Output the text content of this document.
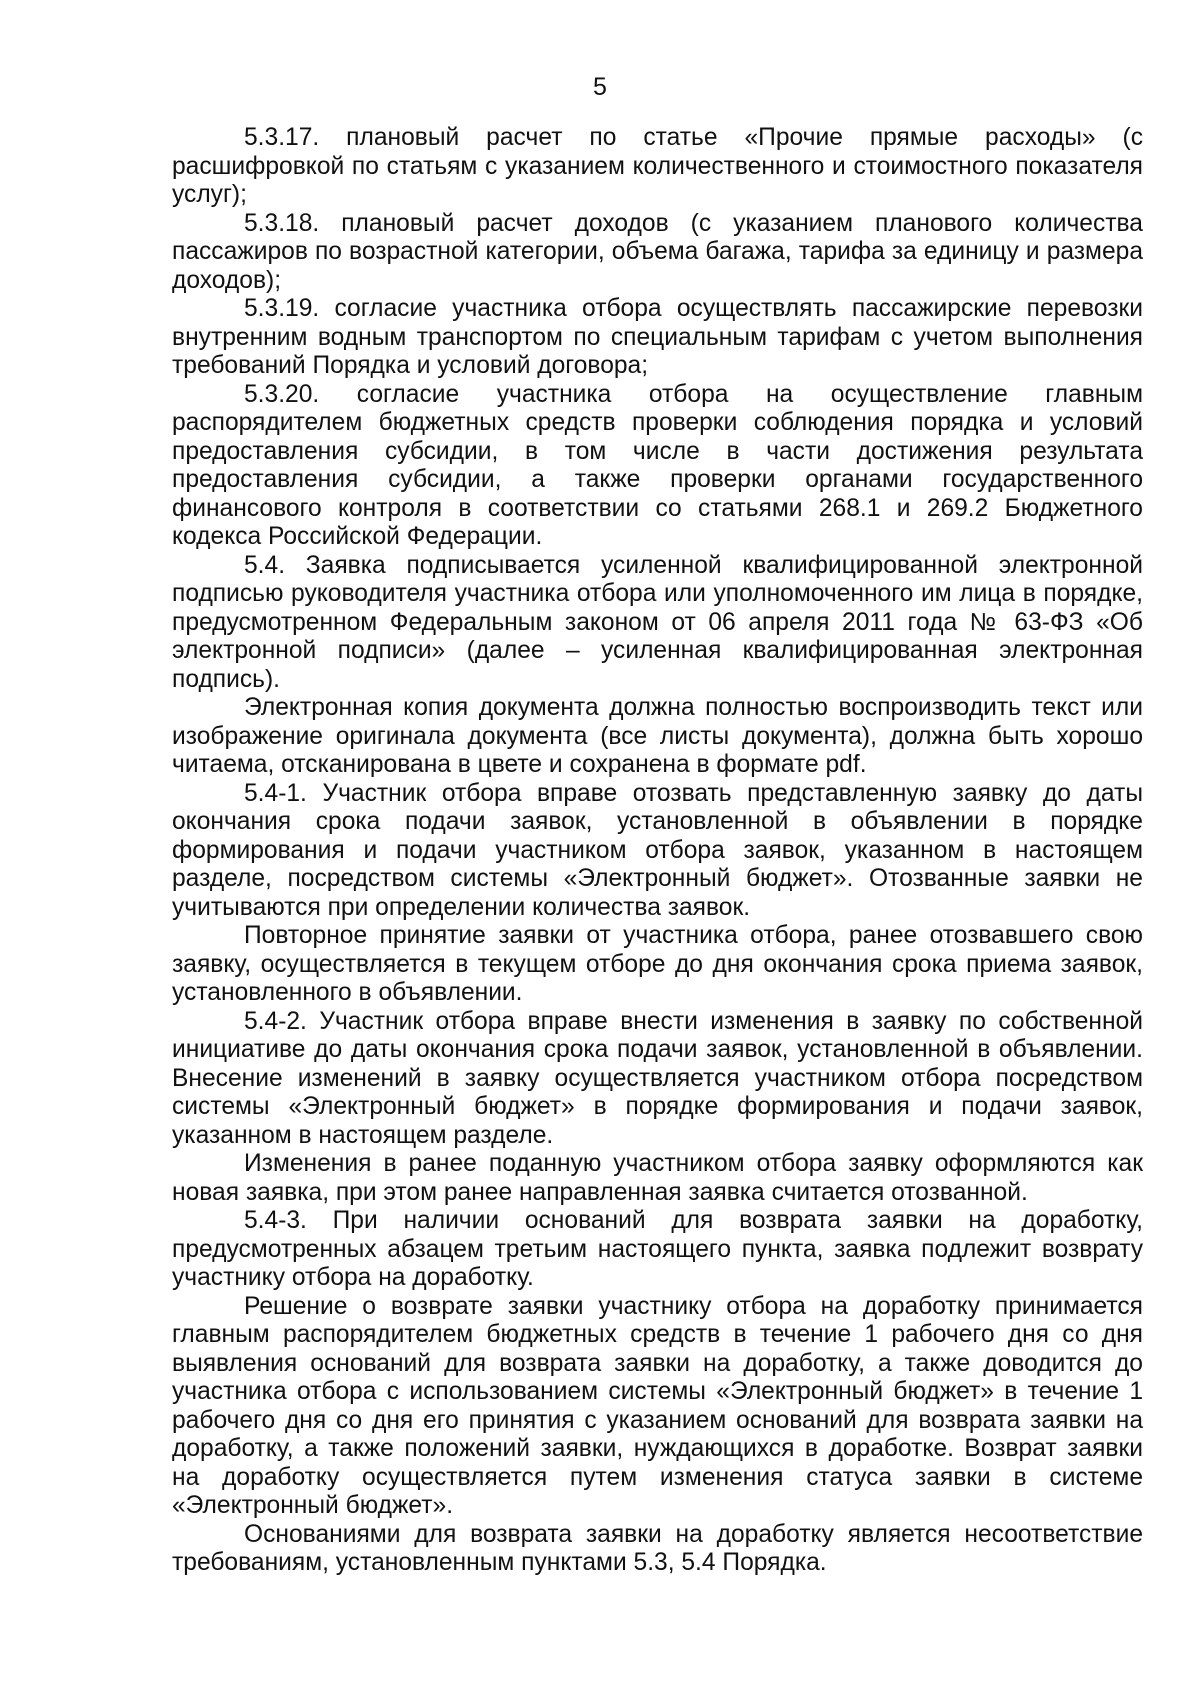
5

5.3.17. плановый расчет по статье «Прочие прямые расходы» (с расшифровкой по статьям с указанием количественного и стоимостного показателя услуг);

5.3.18. плановый расчет доходов (с указанием планового количества пассажиров по возрастной категории, объема багажа, тарифа за единицу и размера доходов);

5.3.19. согласие участника отбора осуществлять пассажирские перевозки внутренним водным транспортом по специальным тарифам с учетом выполнения требований Порядка и условий договора;

5.3.20. согласие участника отбора на осуществление главным распорядителем бюджетных средств проверки соблюдения порядка и условий предоставления субсидии, в том числе в части достижения результата предоставления субсидии, а также проверки органами государственного финансового контроля в соответствии со статьями 268.1 и 269.2 Бюджетного кодекса Российской Федерации.

5.4. Заявка подписывается усиленной квалифицированной электронной подписью руководителя участника отбора или уполномоченного им лица в порядке, предусмотренном Федеральным законом от 06 апреля 2011 года № 63-ФЗ «Об электронной подписи» (далее – усиленная квалифицированная электронная подпись).

Электронная копия документа должна полностью воспроизводить текст или изображение оригинала документа (все листы документа), должна быть хорошо читаема, отсканирована в цвете и сохранена в формате pdf.

5.4-1. Участник отбора вправе отозвать представленную заявку до даты окончания срока подачи заявок, установленной в объявлении в порядке формирования и подачи участником отбора заявок, указанном в настоящем разделе, посредством системы «Электронный бюджет». Отозванные заявки не учитываются при определении количества заявок.

Повторное принятие заявки от участника отбора, ранее отозвавшего свою заявку, осуществляется в текущем отборе до дня окончания срока приема заявок, установленного в объявлении.

5.4-2. Участник отбора вправе внести изменения в заявку по собственной инициативе до даты окончания срока подачи заявок, установленной в объявлении. Внесение изменений в заявку осуществляется участником отбора посредством системы «Электронный бюджет» в порядке формирования и подачи заявок, указанном в настоящем разделе.

Изменения в ранее поданную участником отбора заявку оформляются как новая заявка, при этом ранее направленная заявка считается отозванной.

5.4-3. При наличии оснований для возврата заявки на доработку, предусмотренных абзацем третьим настоящего пункта, заявка подлежит возврату участнику отбора на доработку.

Решение о возврате заявки участнику отбора на доработку принимается главным распорядителем бюджетных средств в течение 1 рабочего дня со дня выявления оснований для возврата заявки на доработку, а также доводится до участника отбора с использованием системы «Электронный бюджет» в течение 1 рабочего дня со дня его принятия с указанием оснований для возврата заявки на доработку, а также положений заявки, нуждающихся в доработке. Возврат заявки на доработку осуществляется путем изменения статуса заявки в системе «Электронный бюджет».

Основаниями для возврата заявки на доработку является несоответствие требованиям, установленным пунктами 5.3, 5.4 Порядка.
